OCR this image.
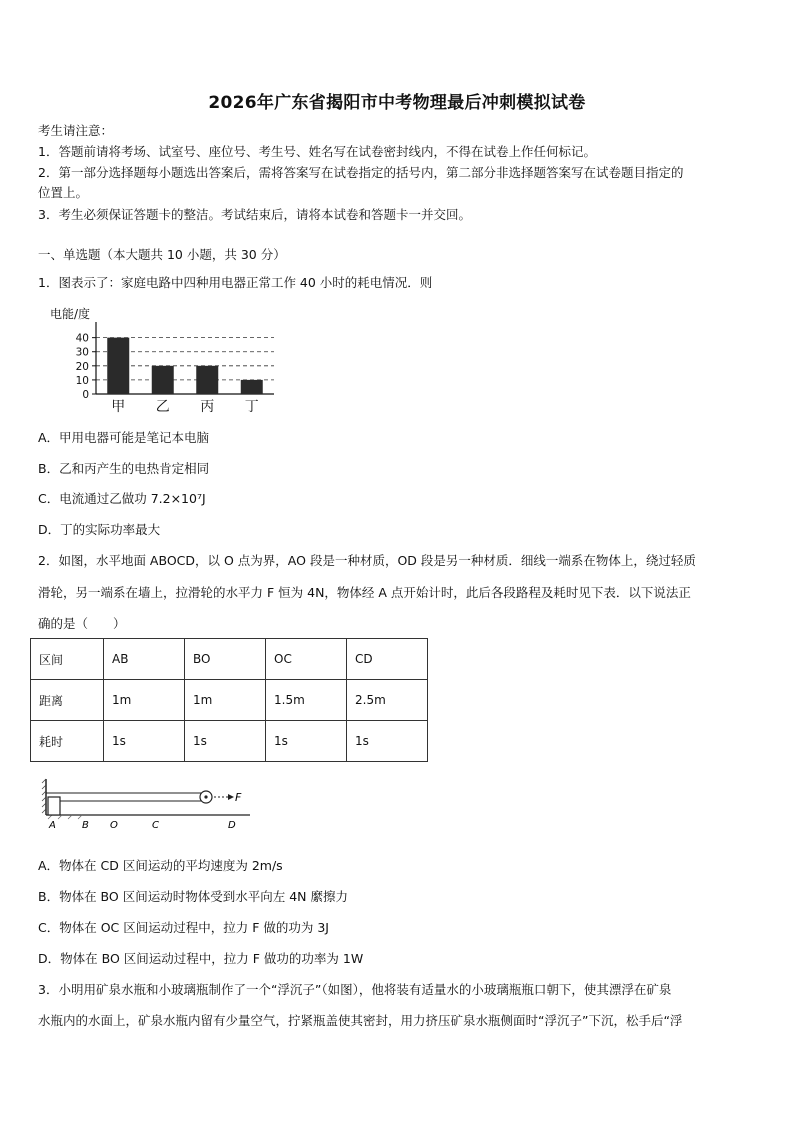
2026年广东省揭阳市中考物理最后冲刺模拟试卷
考生请注意：
1．答题前请将考场、试室号、座位号、考生号、姓名写在试卷密封线内，不得在试卷上作任何标记。
2．第一部分选择题每小题选出答案后，需将答案写在试卷指定的括号内，第二部分非选择题答案写在试卷题目指定的
位置上。
3．考生必须保证答题卡的整洁。考试结束后，请将本试卷和答题卡一并交回。
一、单选题（本大题共 10 小题，共 30 分）
1．图表示了：家庭电路中四种用电器正常工作 40 小时的耗电情况．则
电能/度
0
10
20
30
40
甲 乙 丙 丁
A．甲用电器可能是笔记本电脑
B．乙和丙产生的电热肯定相同
C．电流通过乙做功 7.2×10⁷J
D．丁的实际功率最大
2．如图，水平地面 ABOCD，以 O 点为界，AO 段是一种材质，OD 段是另一种材质．细线一端系在物体上，绕过轻质
滑轮，另一端系在墙上，拉滑轮的水平力 F 恒为 4N，物体经 A 点开始计时，此后各段路程及耗时见下表．以下说法正
确的是（　　）
区间	AB	BO	OC	CD
距离	1m	1m	1.5m	2.5m
耗时	1s	1s	1s	1s
F
A	B O	C	D
A．物体在 CD 区间运动的平均速度为 2m/s
B．物体在 BO 区间运动时物体受到水平向左 4N 縻擦力
C．物体在 OC 区间运动过程中，拉力 F 做的功为 3J
D．物体在 BO 区间运动过程中，拉力 F 做功的功率为 1W
3．小明用矿泉水瓶和小玻璃瓶制作了一个“浮沉子”（如图），他将装有适量水的小玻璃瓶瓶口朝下，使其漂浮在矿泉
水瓶内的水面上，矿泉水瓶内留有少量空气，拧紧瓶盖使其密封，用力挤压矿泉水瓶侧面时“浮沉子”下沉，松手后“浮
